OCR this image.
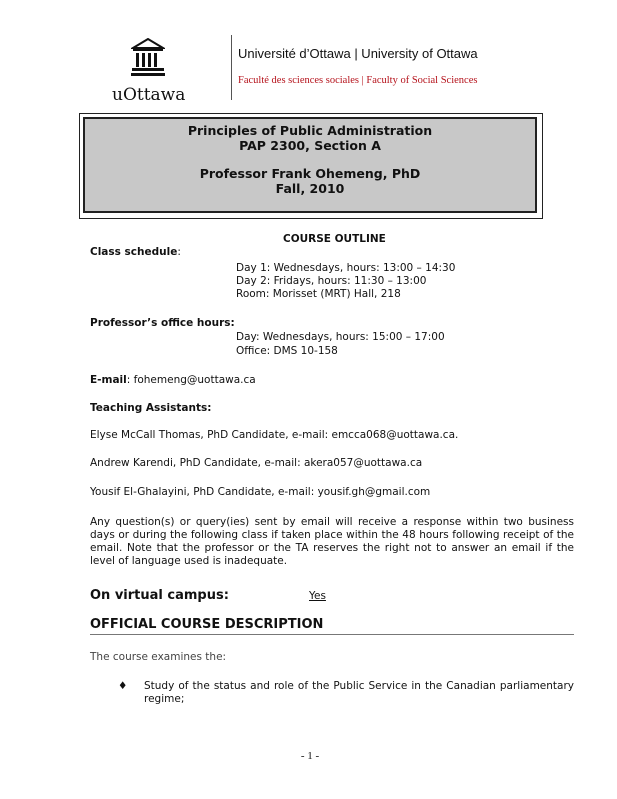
uOttawa
Université d’Ottawa | University of Ottawa
Faculté des sciences sociales | Faculty of Social Sciences
Principles of Public Administration
PAP 2300, Section A
Professor Frank Ohemeng, PhD
Fall, 2010
COURSE OUTLINE
Class schedule:
Day 1: Wednesdays, hours: 13:00 – 14:30
Day 2: Fridays, hours: 11:30 – 13:00
Room: Morisset (MRT) Hall, 218
Professor’s office hours:
Day: Wednesdays, hours: 15:00 – 17:00
Office: DMS 10-158
E-mail: fohemeng@uottawa.ca
Teaching Assistants:
Elyse McCall Thomas, PhD Candidate, e-mail: emcca068@uottawa.ca.
Andrew Karendi, PhD Candidate, e-mail: akera057@uottawa.ca
Yousif El-Ghalayini, PhD Candidate, e-mail: yousif.gh@gmail.com
Any question(s) or query(ies) sent by email will receive a response within two business days or during the following class if taken place within the 48 hours following receipt of the email. Note that the professor or the TA reserves the right not to answer an email if the level of language used is inadequate.
On virtual campus:	Yes
OFFICIAL COURSE DESCRIPTION
The course examines the:
♦ Study of the status and role of the Public Service in the Canadian parliamentary regime;
- 1 -
